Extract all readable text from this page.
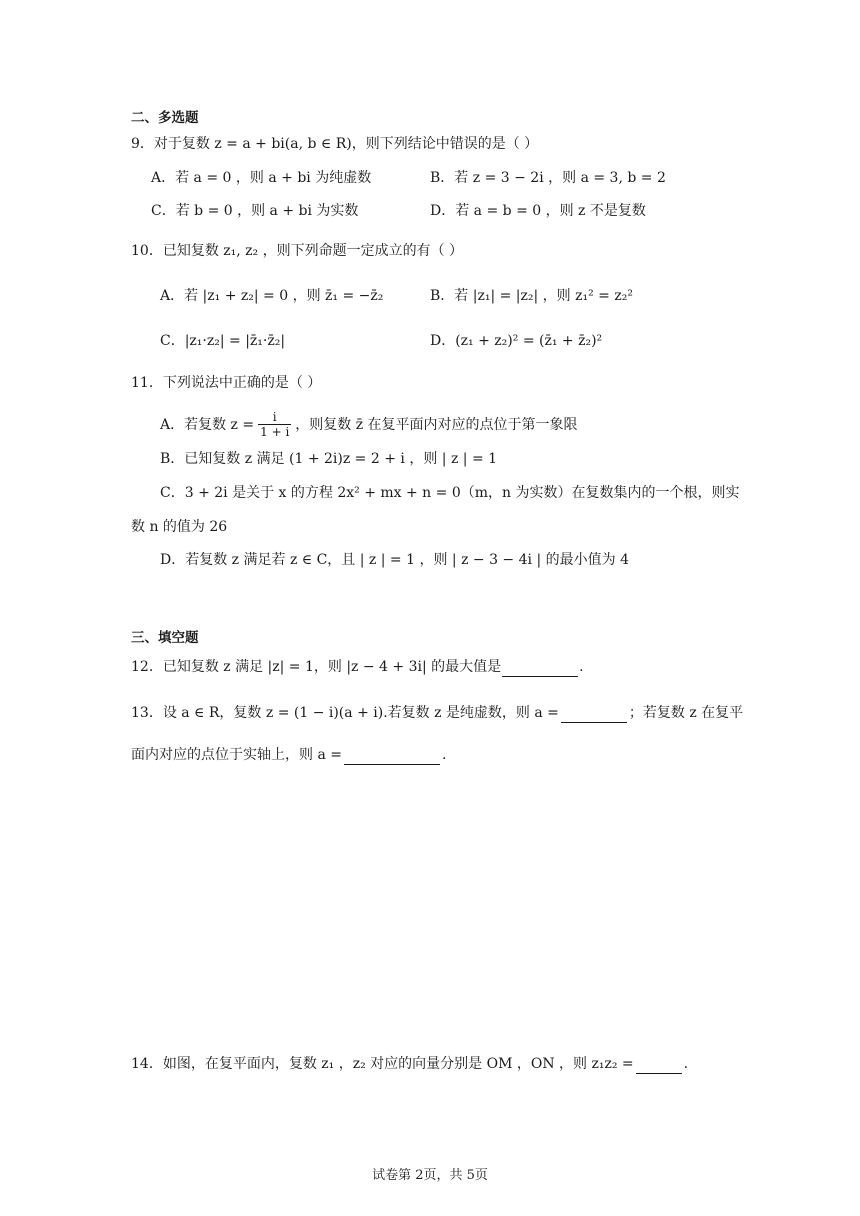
二、多选题
9．对于复数 z = a + bi(a, b ∈ R)，则下列结论中错误的是（ ）
A．若 a = 0 ，则 a + bi 为纯虚数	B．若 z = 3 − 2i ，则 a = 3, b = 2
C．若 b = 0 ，则 a + bi 为实数	D．若 a = b = 0 ，则 z 不是复数
10．已知复数 z₁, z₂ ，则下列命题一定成立的有（ ）
A．若 |z₁ + z₂| = 0 ，则 z̄₁ = −z̄₂	B．若 |z₁| = |z₂| ，则 z₁² = z₂²
C．|z₁·z₂| = |z̄₁·z̄₂|	D．(z₁ + z₂)² = (z̄₁ + z̄₂)²
11．下列说法中正确的是（ ）
A．若复数 z = i
1 + i ，则复数 z̄ 在复平面内对应的点位于第一象限
B．已知复数 z 满足 (1 + 2i)z = 2 + i ，则 | z | = 1
C．3 + 2i 是关于 x 的方程 2x² + mx + n = 0（m，n 为实数）在复数集内的一个根，则实
数 n 的值为 26
D．若复数 z 满足若 z ∈ C，且 | z | = 1 ，则 | z − 3 − 4i | 的最小值为 4
三、填空题
12．已知复数 z 满足 |z| = 1，则 |z − 4 + 3i| 的最大值是	.
13．设 a ∈ R，复数 z = (1 − i)(a + i).若复数 z 是纯虚数，则 a =	；若复数 z 在复平
面内对应的点位于实轴上，则 a =	.
14．如图，在复平面内，复数 z₁ ，z₂ 对应的向量分别是 OM ，ON ，则 z₁z₂ =	.
试卷第 2页，共 5页
